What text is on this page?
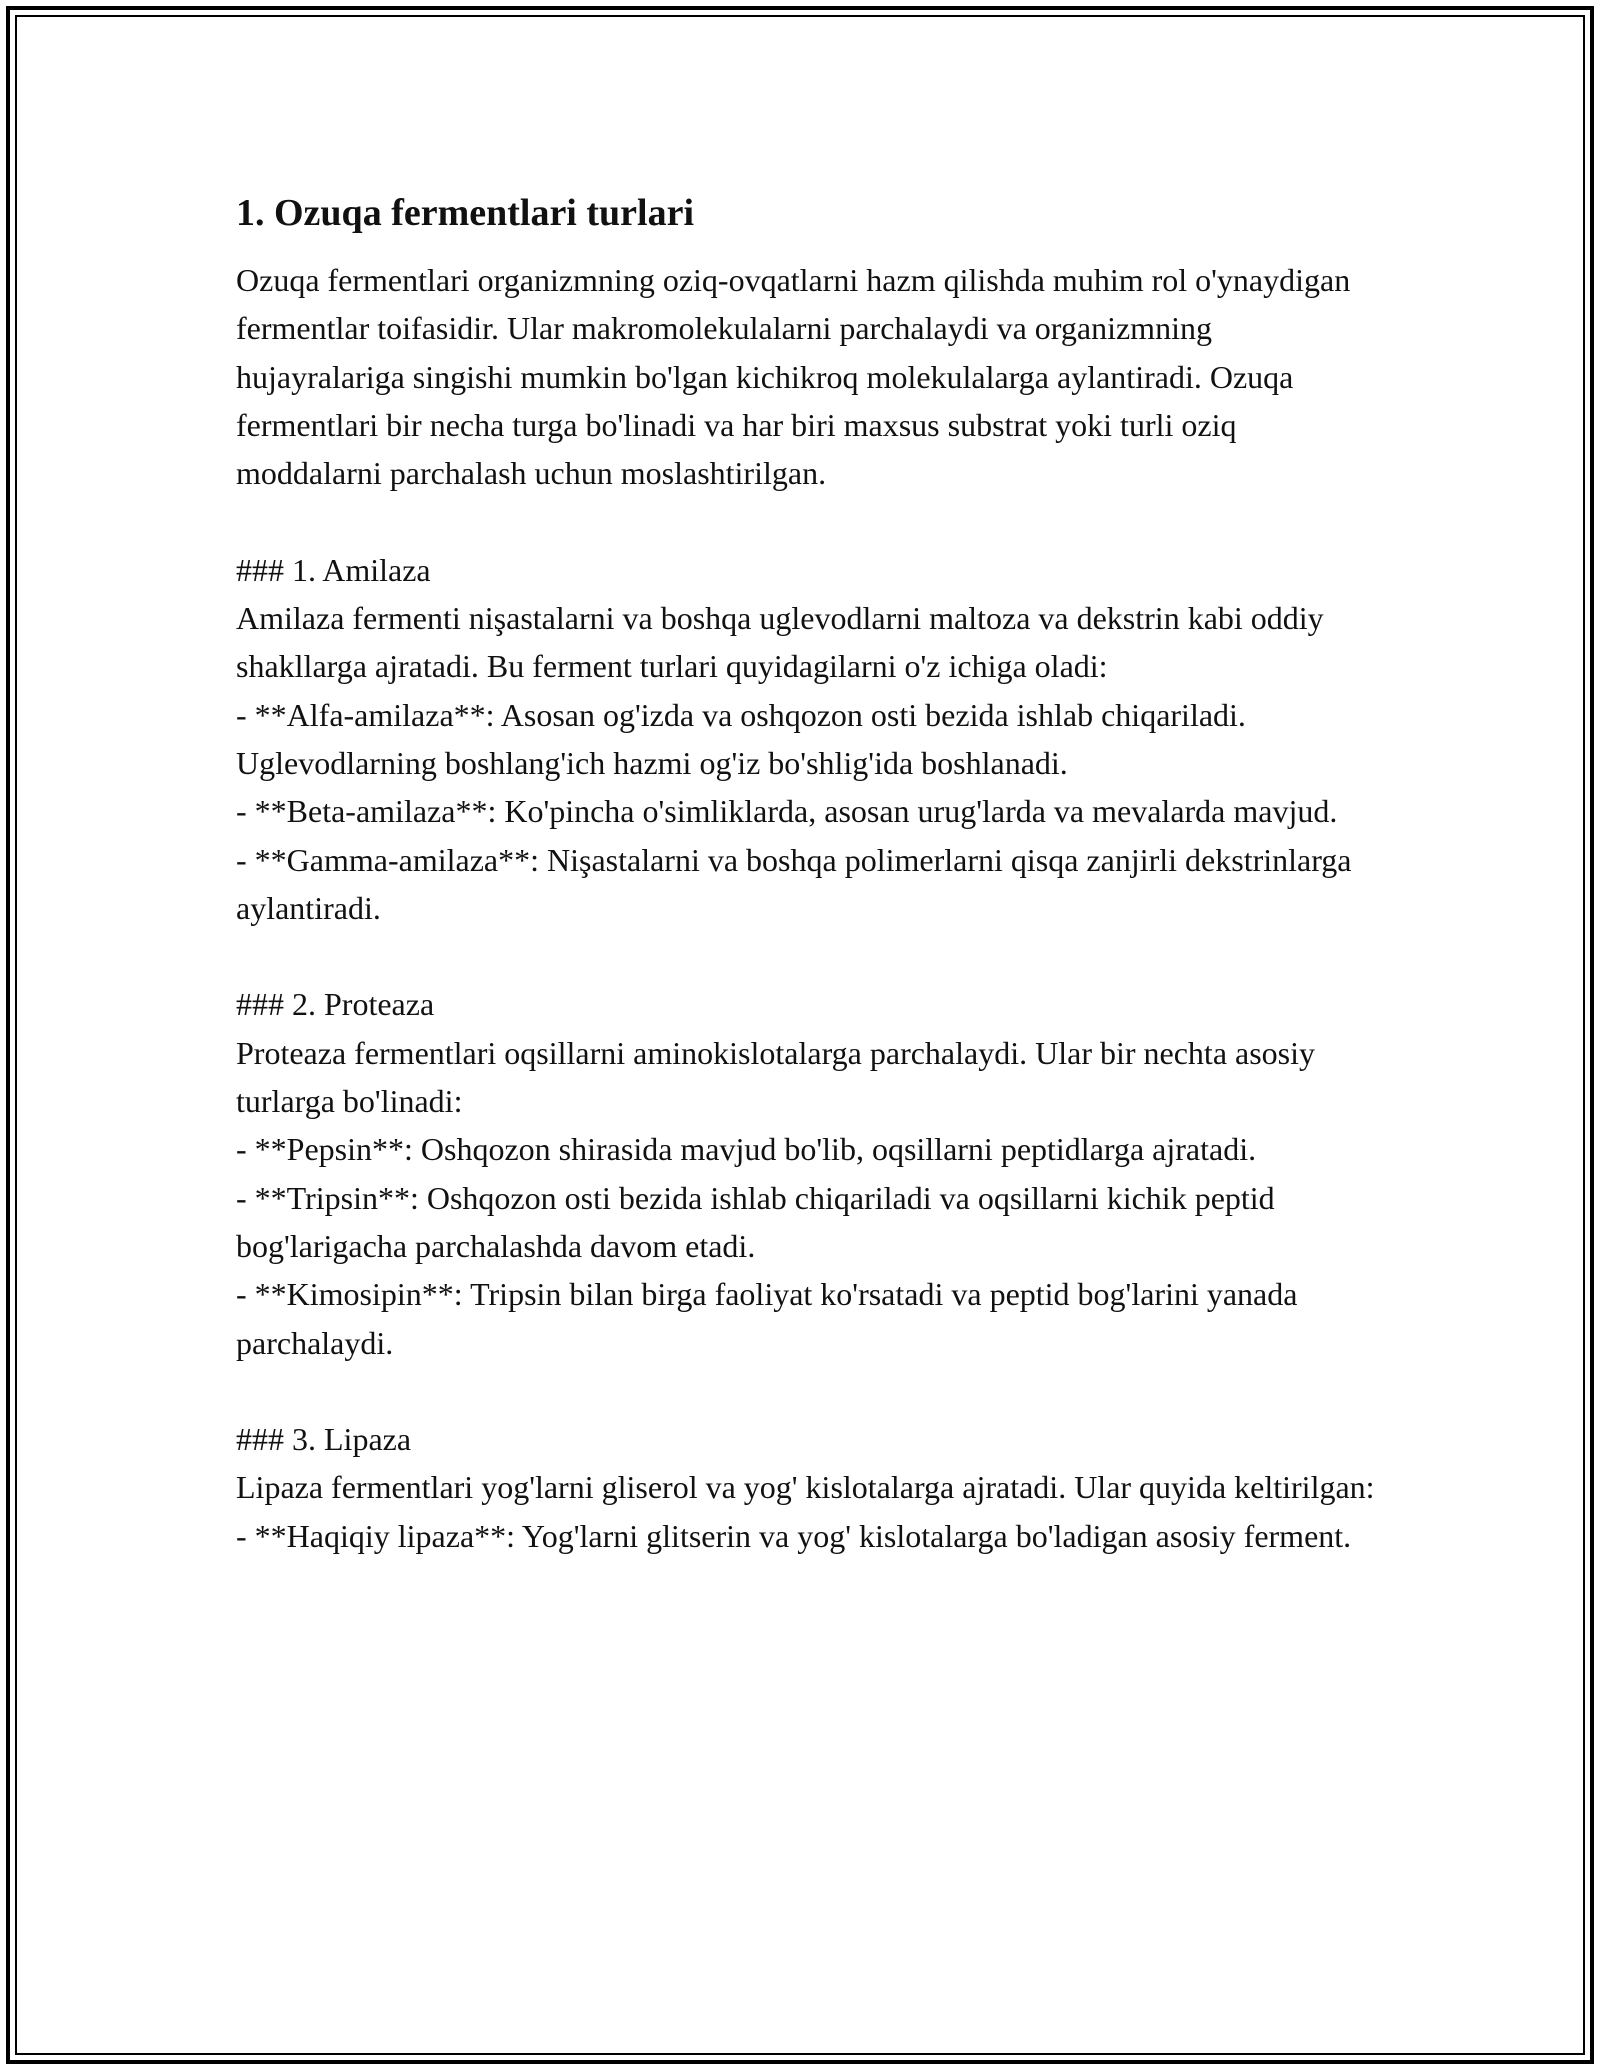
1. Ozuqa fermentlari turlari

Ozuqa fermentlari organizmning oziq-ovqatlarni hazm qilishda muhim rol o'ynaydigan fermentlar toifasidir. Ular makromolekulalarni parchalaydi va organizmning hujayralariga singishi mumkin bo'lgan kichikroq molekulalarga aylantiradi. Ozuqa fermentlari bir necha turga bo'linadi va har biri maxsus substrat yoki turli oziq moddalarni parchalash uchun moslashtirilgan.

### 1. Amilaza

Amilaza fermenti nişastalarni va boshqa uglevodlarni maltoza va dekstrin kabi oddiy shakllarga ajratadi. Bu ferment turlari quyidagilarni o'z ichiga oladi:
- **Alfa-amilaza**: Asosan og'izda va oshqozon osti bezida ishlab chiqariladi. Uglevodlarning boshlang'ich hazmi og'iz bo'shlig'ida boshlanadi.
- **Beta-amilaza**: Ko'pincha o'simliklarda, asosan urug'larda va mevalarda mavjud.
- **Gamma-amilaza**: Nişastalarni va boshqa polimerlarni qisqa zanjirli dekstrinlarga aylantiradi.

### 2. Proteaza

Proteaza fermentlari oqsillarni aminokislotalarga parchalaydi. Ular bir nechta asosiy turlarga bo'linadi:
- **Pepsin**: Oshqozon shirasida mavjud bo'lib, oqsillarni peptidlarga ajratadi.
- **Tripsin**: Oshqozon osti bezida ishlab chiqariladi va oqsillarni kichik peptid bog'larigacha parchalashda davom etadi.
- **Kimosipin**: Tripsin bilan birga faoliyat ko'rsatadi va peptid bog'larini yanada parchalaydi.

### 3. Lipaza

Lipaza fermentlari yog'larni gliserol va yog' kislotalarga ajratadi. Ular quyida keltirilgan:
- **Haqiqiy lipaza**: Yog'larni glitserin va yog' kislotalarga bo'ladigan asosiy ferment.
